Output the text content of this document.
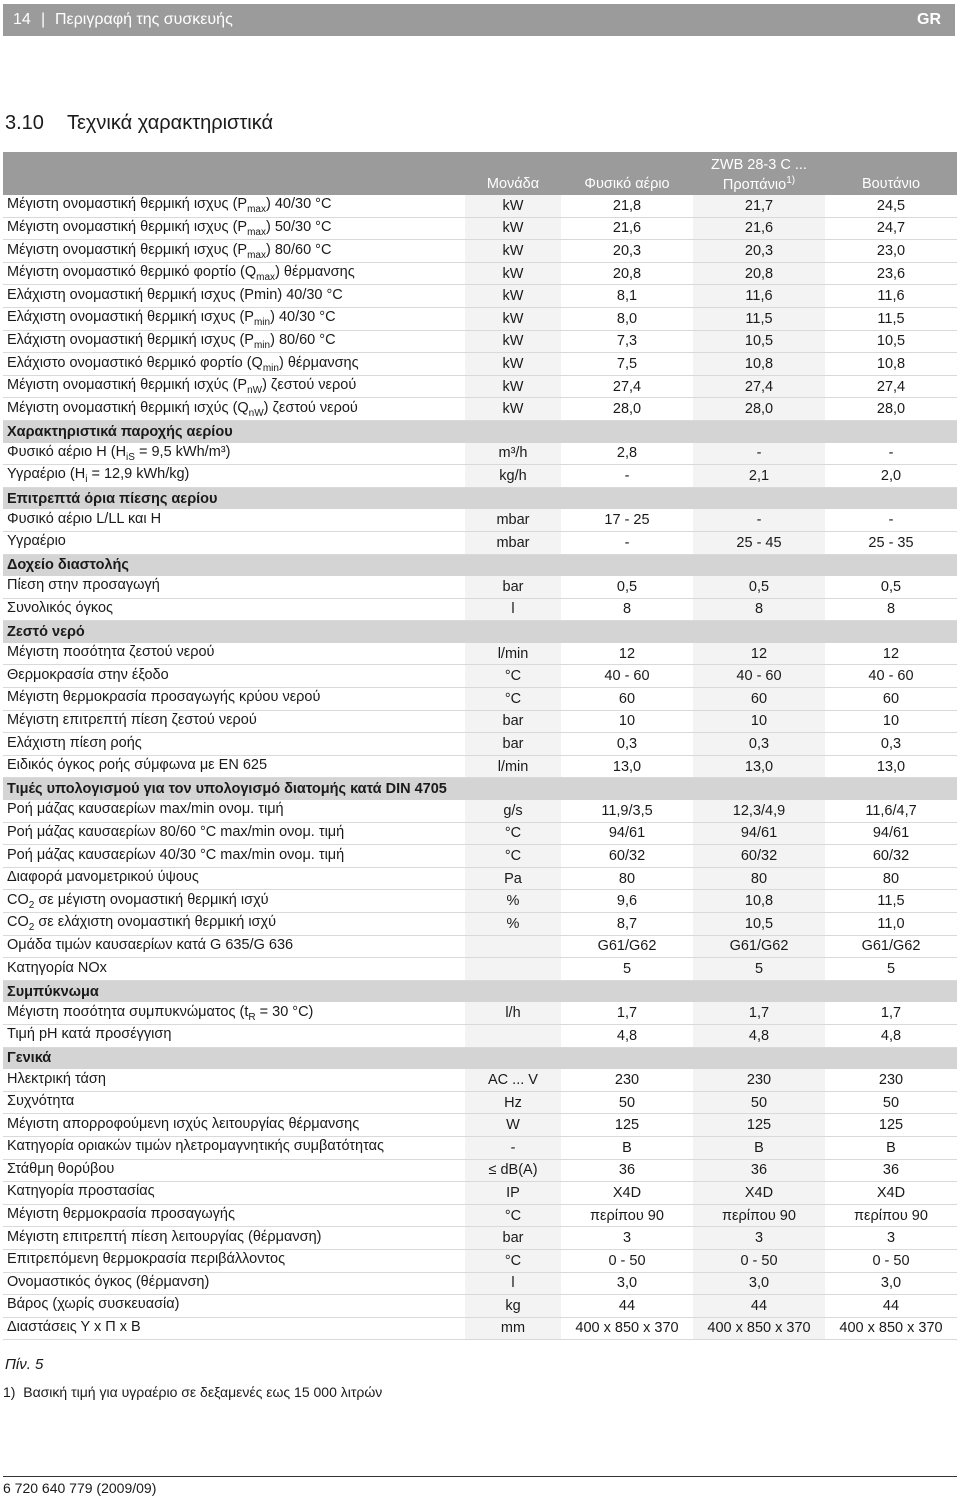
14 | Περιγραφή της συσκευής	GR
3.10 Τεχνικά χαρακτηριστικά
			ZWB 28-3 C ...	
	Μονάδα	Φυσικό αέριο	Προπάνιο$^{1)}$	Βουτάνιο
Μέγιστη ονομαστική θερμική ισχυς $(P_{max})$ 40/30 °C	kW	21,8	21,7	24,5
Μέγιστη ονομαστική θερμική ισχυς $(P_{max})$ 50/30 °C	kW	21,6	21,6	24,7
Μέγιστη ονομαστική θερμική ισχυς $(P_{max})$ 80/60 °C	kW	20,3	20,3	23,0
Μέγιστη ονομαστικό θερμικό φορτίο $(Q_{max})$ θέρμανσης	kW	20,8	20,8	23,6
Ελάχιστη ονομαστική θερμική ισχυς (Pmin) 40/30 °C	kW	8,1	11,6	11,6
Ελάχιστη ονομαστική θερμική ισχυς $(P_{min})$ 40/30 °C	kW	8,0	11,5	11,5
Ελάχιστη ονομαστική θερμική ισχυς $(P_{min})$ 80/60 °C	kW	7,3	10,5	10,5
Ελάχιστο ονομαστικό θερμικό φορτίο $(Q_{min})$ θέρμανσης	kW	7,5	10,8	10,8
Μέγιστη ονομαστική θερμική ισχύς $(P_{nW})$ ζεστού νερού	kW	27,4	27,4	27,4
Μέγιστη ονομαστική θερμική ισχύς $(Q_{nW})$ ζεστού νερού	kW	28,0	28,0	28,0
Χαρακτηριστικά παροχής αερίου				
Φυσικό αέριο H ($H_{iS} = 9,5$ kWh/m³)	m³/h	2,8	-	-
Υγραέριο ($H_i = 12,9$ kWh/kg)	kg/h	-	2,1	2,0
Επιτρεπτά όρια πίεσης αερίου				
Φυσικό αέριο L/LL και H	mbar	17 - 25	-	-
Υγραέριο	mbar	-	25 - 45	25 - 35
Δοχείο διαστολής				
Πίεση στην προσαγωγή	bar	0,5	0,5	0,5
Συνολικός όγκος	l	8	8	8
Ζεστό νερό				
Μέγιστη ποσότητα ζεστού νερού	l/min	12	12	12
Θερμοκρασία στην έξοδο	°C	40 - 60	40 - 60	40 - 60
Μέγιστη θερμοκρασία προσαγωγής κρύου νερού	°C	60	60	60
Μέγιστη επιτρεπτή πίεση ζεστού νερού	bar	10	10	10
Ελάχιστη πίεση ροής	bar	0,3	0,3	0,3
Ειδικός όγκος ροής σύμφωνα με EN 625	l/min	13,0	13,0	13,0
Τιμές υπολογισμού για τον υπολογισμό διατομής κατά DIN 4705				
Ροή μάζας καυσαερίων max/min ονομ. τιμή	g/s	11,9/3,5	12,3/4,9	11,6/4,7
Ροή μάζας καυσαερίων 80/60 °C max/min ονομ. τιμή	°C	94/61	94/61	94/61
Ροή μάζας καυσαερίων 40/30 °C max/min ονομ. τιμή	°C	60/32	60/32	60/32
Διαφορά μανομετρικού ύψους	Pa	80	80	80
$CO_2$ σε μέγιστη ονομαστική θερμική ισχύ	%	9,6	10,8	11,5
$CO_2$ σε ελάχιστη ονομαστική θερμική ισχύ	%	8,7	10,5	11,0
Ομάδα τιμών καυσαερίων κατά G 635/G 636		G61/G62	G61/G62	G61/G62
Κατηγορία NOx		5	5	5
Συμπύκνωμα				
Μέγιστη ποσότητα συμπυκνώματος ($t_R = 30$ °C)	l/h	1,7	1,7	1,7
Τιμή pH κατά προσέγγιση		4,8	4,8	4,8
Γενικά				
Ηλεκτρική τάση	AC ... V	230	230	230
Συχνότητα	Hz	50	50	50
Μέγιστη απορροφούμενη ισχύς λειτουργίας θέρμανσης	W	125	125	125
Κατηγορία οριακών τιμών ηλετρομαγνητικής συμβατότητας	-	B	B	B
Στάθμη θορύβου	≤ dB(A)	36	36	36
Κατηγορία προστασίας	IP	X4D	X4D	X4D
Μέγιστη θερμοκρασία προσαγωγής	°C	περίπου 90	περίπου 90	περίπου 90
Μέγιστη επιτρεπτή πίεση λειτουργίας (θέρμανση)	bar	3	3	3
Επιτρεπόμενη θερμοκρασία περιβάλλοντος	°C	0 - 50	0 - 50	0 - 50
Ονομαστικός όγκος (θέρμανση)	l	3,0	3,0	3,0
Βάρος (χωρίς συσκευασία)	kg	44	44	44
Διαστάσεις Υ x Π x Β	mm	400 x 850 x 370	400 x 850 x 370	400 x 850 x 370
Πίν. 5
1) Βασική τιμή για υγραέριο σε δεξαμενές εως 15 000 λιτρών
6 720 640 779 (2009/09)
